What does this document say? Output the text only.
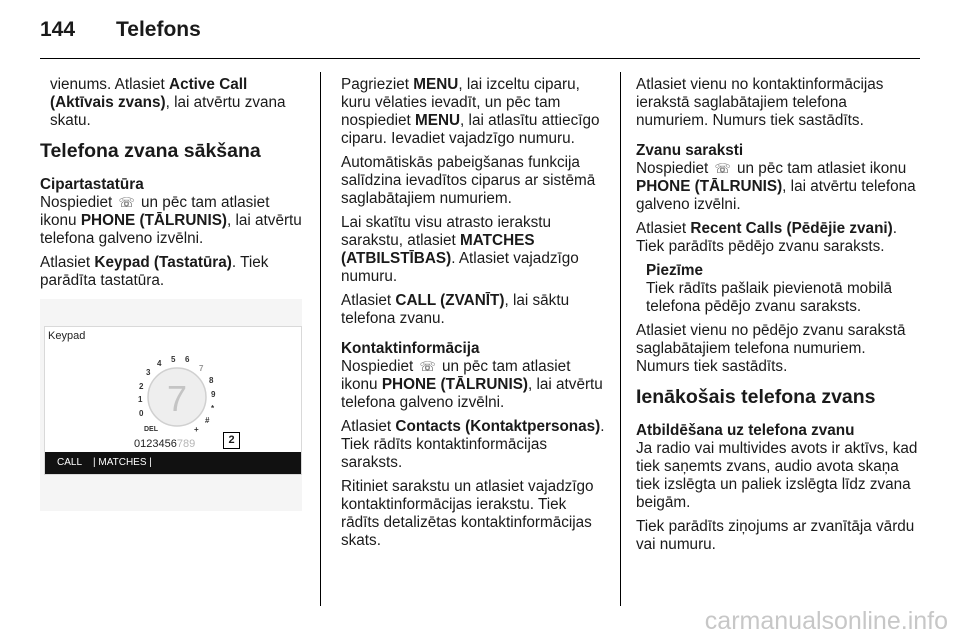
144 Telefons

vienums. Atlasiet Active Call (Aktīvais zvans), lai atvērtu zvana skatu.

Telefona zvana sākšana
Cipartastatūra

Nospiediet ☏ un pēc tam atlasiet ikonu PHONE (TĀLRUNIS), lai atvērtu telefona galveno izvēlni.

Atlasiet Keypad (Tastatūra). Tiek parādīta tastatūra.

Keypad
7
3
2
1
0
4 5 6
7
8
9
*
#
+
DEL
0123456789	2
CALL | MATCHES |

Pagrieziet MENU, lai izceltu ciparu, kuru vēlaties ievadīt, un pēc tam nospiediet MENU, lai atlasītu attiecīgo ciparu. Ievadiet vajadzīgo numuru.

Automātiskās pabeigšanas funkcija salīdzina ievadītos ciparus ar sistēmā saglabātajiem numuriem.

Lai skatītu visu atrasto ierakstu sarakstu, atlasiet MATCHES (ATBILSTĪBAS). Atlasiet vajadzīgo numuru.

Atlasiet CALL (ZVANĪT), lai sāktu telefona zvanu.

Kontaktinformācija

Nospiediet ☏ un pēc tam atlasiet ikonu PHONE (TĀLRUNIS), lai atvērtu telefona galveno izvēlni.

Atlasiet Contacts (Kontaktpersonas). Tiek rādīts kontaktinformācijas saraksts.

Ritiniet sarakstu un atlasiet vajadzīgo kontaktinformācijas ierakstu. Tiek rādīts detalizētas kontaktinformācijas skats.

Atlasiet vienu no kontaktinformācijas ierakstā saglabātajiem telefona numuriem. Numurs tiek sastādīts.

Zvanu saraksti

Nospiediet ☏ un pēc tam atlasiet ikonu PHONE (TĀLRUNIS), lai atvērtu telefona galveno izvēlni.

Atlasiet Recent Calls (Pēdējie zvani). Tiek parādīts pēdējo zvanu saraksts.

Piezīme

Tiek rādīts pašlaik pievienotā mobilā telefona pēdējo zvanu saraksts.

Atlasiet vienu no pēdējo zvanu sarakstā saglabātajiem telefona numuriem. Numurs tiek sastādīts.

Ienākošais telefona zvans
Atbildēšana uz telefona zvanu

Ja radio vai multivides avots ir aktīvs, kad tiek saņemts zvans, audio avota skaņa tiek izslēgta un paliek izslēgta līdz zvana beigām.

Tiek parādīts ziņojums ar zvanītāja vārdu vai numuru.

carmanualsonline.info
